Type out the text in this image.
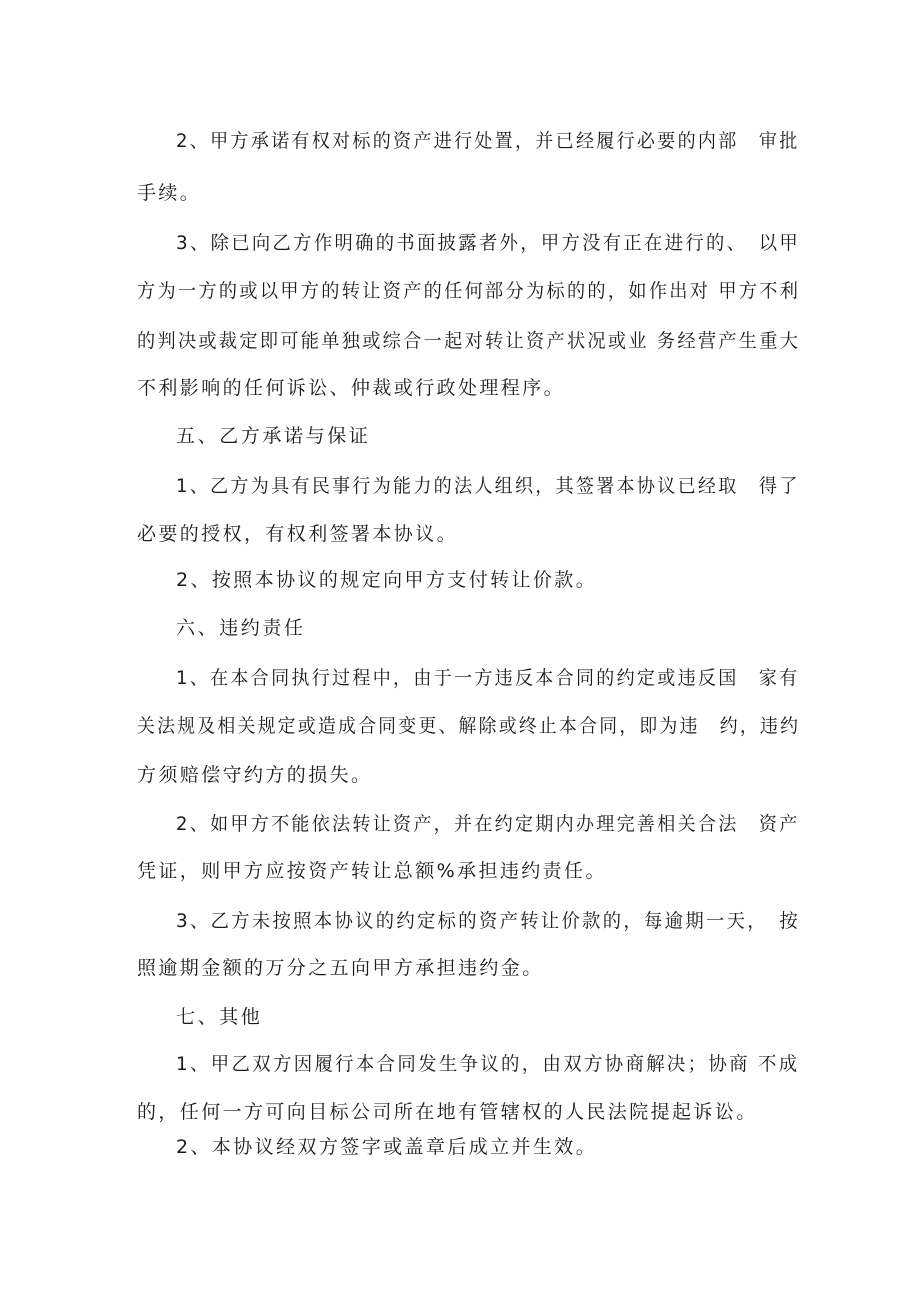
2、甲方承诺有权对标的资产进行处置，并已经履行必要的内部　审批
手续。
3、除已向乙方作明确的书面披露者外，甲方没有正在进行的、　以甲
方为一方的或以甲方的转让资产的任何部分为标的的，如作出对 甲方不利
的判决或裁定即可能单独或综合一起对转让资产状况或业 务经营产生重大
不利影响的任何诉讼、仲裁或行政处理程序。
五、乙方承诺与保证
1、乙方为具有民事行为能力的法人组织，其签署本协议已经取　得了
必要的授权，有权利签署本协议。
2、按照本协议的规定向甲方支付转让价款。
六、违约责任
1、在本合同执行过程中，由于一方违反本合同的约定或违反国　家有
关法规及相关规定或造成合同变更、解除或终止本合同，即为违　约，违约
方须赔偿守约方的损失。
2、如甲方不能依法转让资产，并在约定期内办理完善相关合法　资产
凭证，则甲方应按资产转让总额%承担违约责任。
3、乙方未按照本协议的约定标的资产转让价款的，每逾期一天，　按
照逾期金额的万分之五向甲方承担违约金。
七、其他
1、甲乙双方因履行本合同发生争议的，由双方协商解决；协商 不成
的，任何一方可向目标公司所在地有管辖权的人民法院提起诉讼。
2、本协议经双方签字或盖章后成立并生效。
